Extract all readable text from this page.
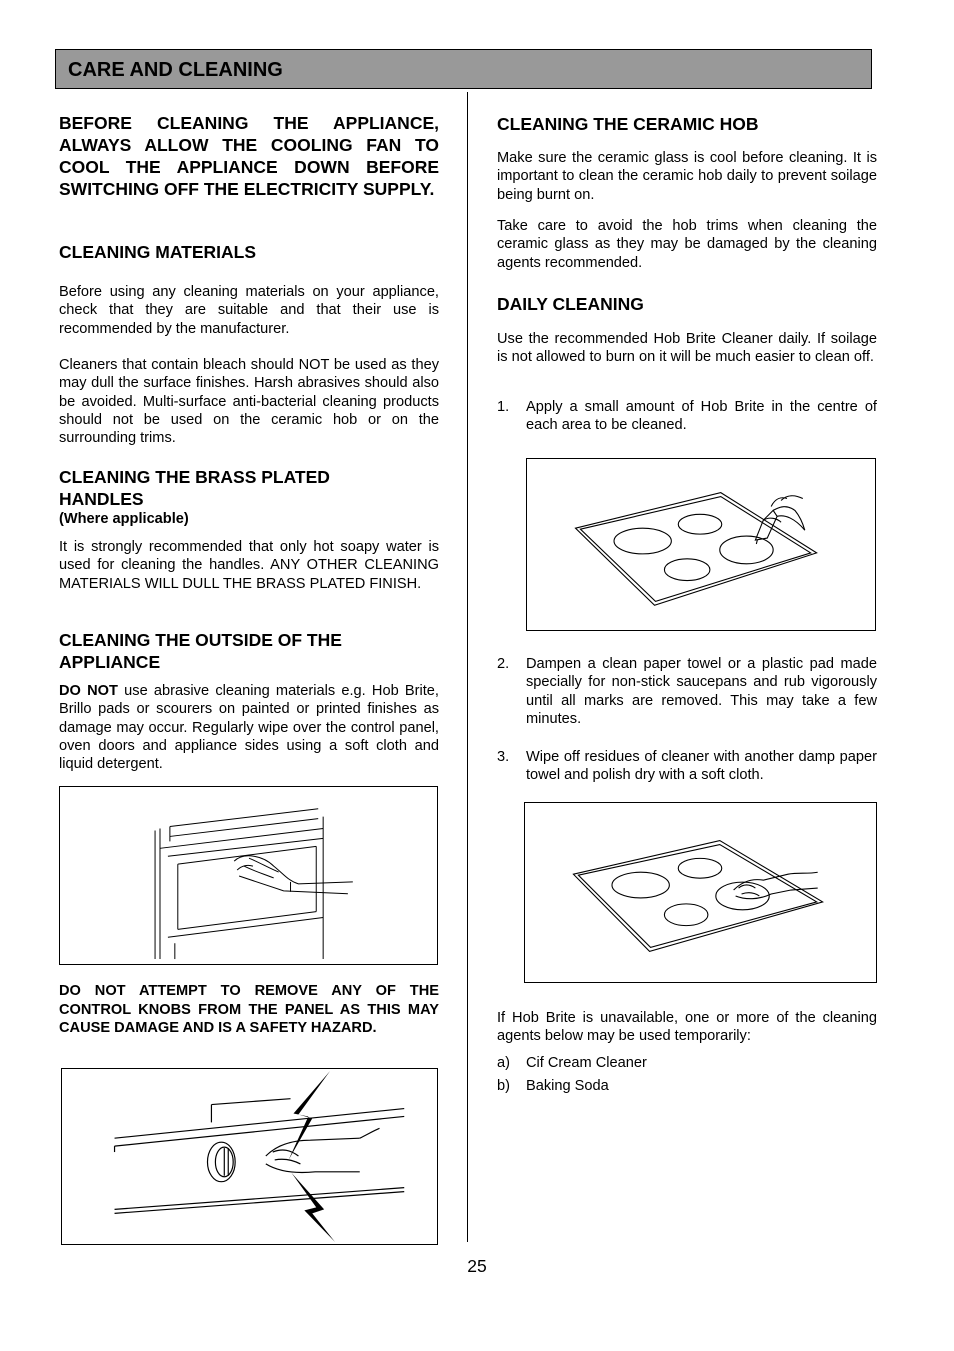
CARE AND CLEANING

BEFORE CLEANING THE APPLIANCE, ALWAYS ALLOW THE COOLING FAN TO COOL THE APPLIANCE DOWN BEFORE SWITCHING OFF THE ELECTRICITY SUPPLY.

CLEANING MATERIALS

Before using any cleaning materials on your appliance, check that they are suitable and that their use is recommended by the manufacturer.

Cleaners that contain bleach should NOT be used as they may dull the surface finishes. Harsh abrasives should also be avoided. Multi-surface anti-bacterial cleaning products should not be used on the ceramic hob or on the surrounding trims.

CLEANING THE BRASS PLATED
HANDLES
(Where applicable)

It is strongly recommended that only hot soapy water is used for cleaning the handles. ANY OTHER CLEANING MATERIALS WILL DULL THE BRASS PLATED FINISH.

CLEANING THE OUTSIDE OF THE
APPLIANCE

DO NOT use abrasive cleaning materials e.g. Hob Brite, Brillo pads or scourers on painted or printed finishes as damage may occur. Regularly wipe over the control panel, oven doors and appliance sides using a soft cloth and liquid detergent.

DO NOT ATTEMPT TO REMOVE ANY OF THE CONTROL KNOBS FROM THE PANEL AS THIS MAY CAUSE DAMAGE AND IS A SAFETY HAZARD.

CLEANING THE CERAMIC HOB

Make sure the ceramic glass is cool before cleaning. It is important to clean the ceramic hob daily to prevent soilage being burnt on.

Take care to avoid the hob trims when cleaning the ceramic glass as they may be damaged by the cleaning agents recommended.

DAILY CLEANING

Use the recommended Hob Brite Cleaner daily. If soilage is not allowed to burn on it will be much easier to clean off.

1. Apply a small amount of Hob Brite in the centre of each area to be cleaned.

2. Dampen a clean paper towel or a plastic pad made specially for non-stick saucepans and rub vigorously until all marks are removed. This may take a few minutes.

3. Wipe off residues of cleaner with another damp paper towel and polish dry with a soft cloth.

If Hob Brite is unavailable, one or more of the cleaning agents below may be used temporarily:

a) Cif Cream Cleaner

b) Baking Soda

25
